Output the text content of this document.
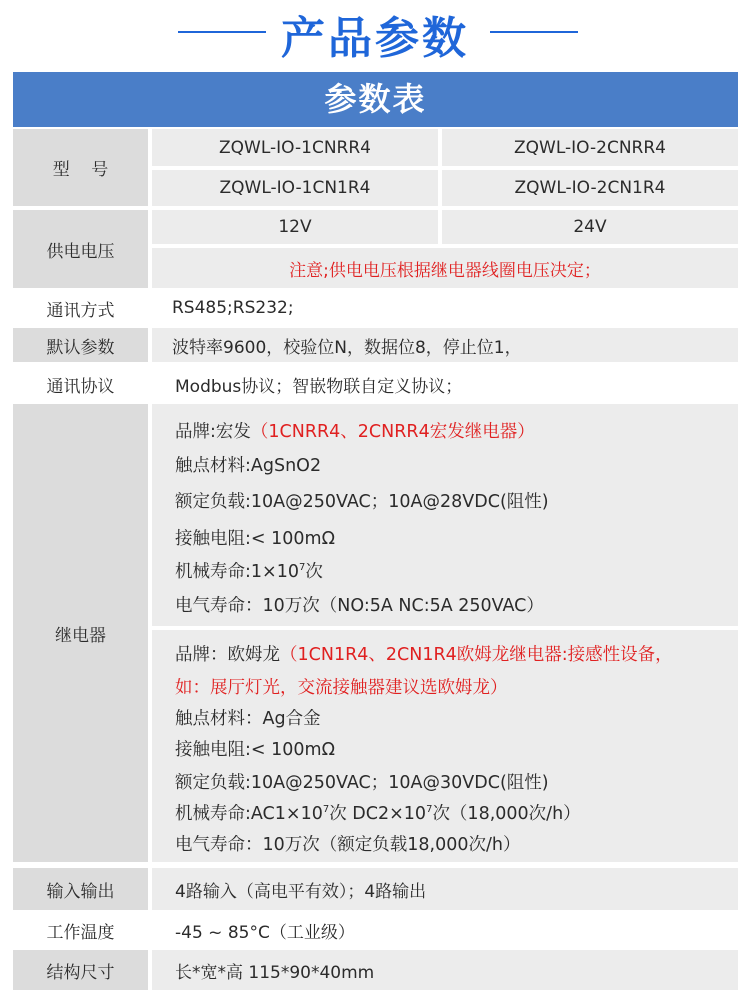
产品参数
参数表
型    号
ZQWL-IO-1CNRR4	ZQWL-IO-2CNRR4
ZQWL-IO-1CN1R4	ZQWL-IO-2CN1R4
供电电压
12V	24V
注意;供电电压根据继电器线圈电压决定；
通讯方式	RS485;RS232;
默认参数	波特率9600，校验位N，数据位8，停止位1，
通讯协议	Modbus协议；智嵌物联自定义协议；
继电器
品牌:宏发（1CNRR4、2CNRR4宏发继电器）
触点材料:AgSnO2
额定负载:10A@250VAC；10A@28VDC(阻性)
接触电阻:< 100mΩ
机械寿命$:1\times 10^7$次
电气寿命：10万次（NO:5A NC:5A 250VAC）
品牌：欧姆龙（1CN1R4、2CN1R4欧姆龙继电器:接感性设备，
如：展厅灯光，交流接触器建议选欧姆龙）
触点材料：Ag合金
接触电阻:< 100mΩ
额定负载:10A@250VAC；10A@30VDC(阻性)
机械寿命$:AC1\times 10^7$次 $DC2\times 10^7$次（18,000次/h）
电气寿命：10万次（额定负载18,000次/h）
输入输出	4路输入（高电平有效）；4路输出
工作温度	-45 ~ 85°C（工业级）
结构尺寸	长*宽*高 115*90*40mm
